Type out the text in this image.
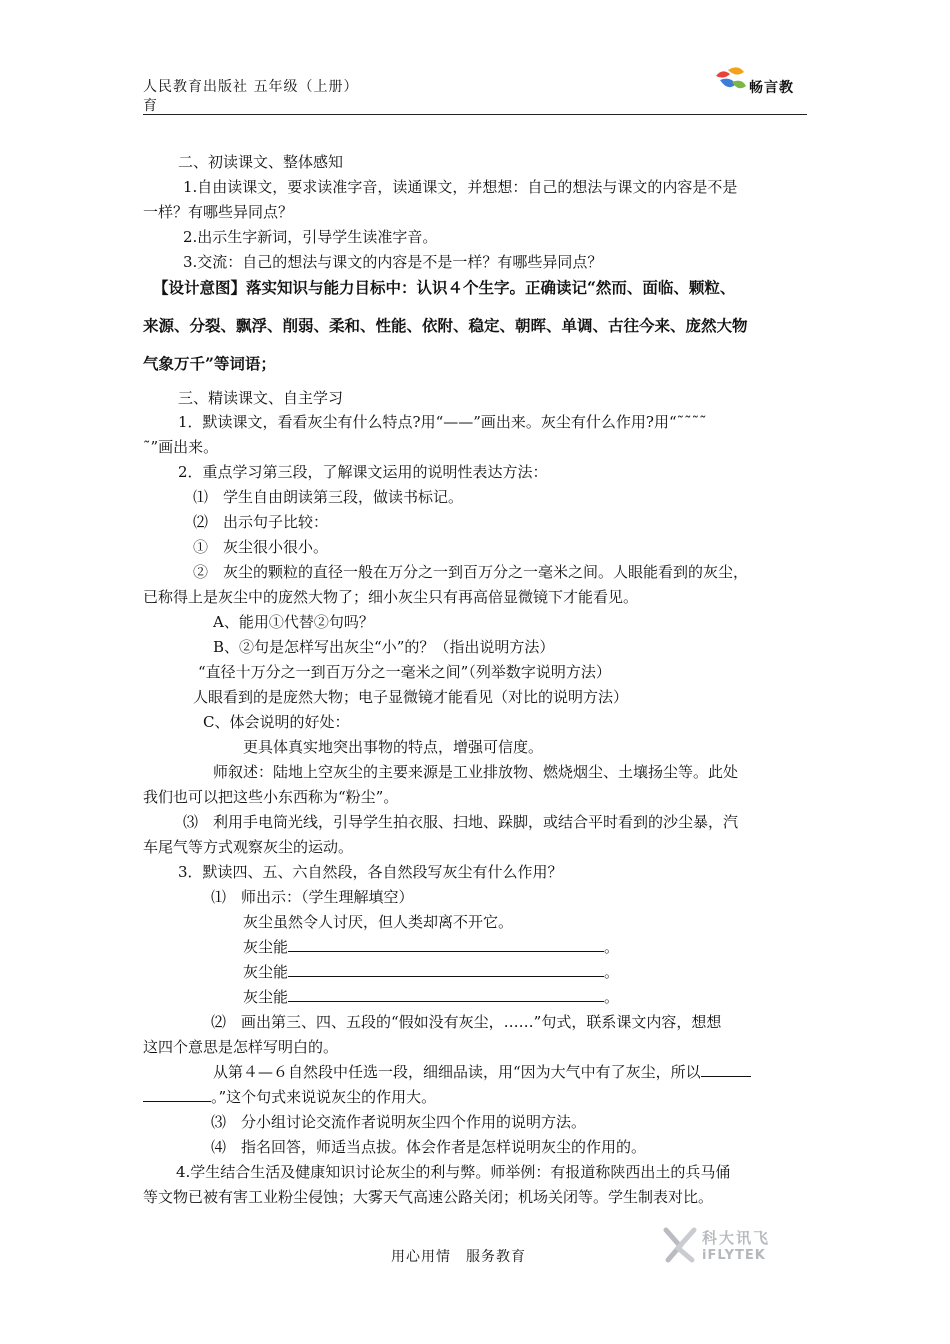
人民教育出版社 五年级（上册）
育
畅言教
二、初读课文、整体感知
1.自由读课文，要求读准字音，读通课文，并想想：自己的想法与课文的内容是不是
一样？有哪些异同点？
2.出示生字新词，引导学生读准字音。
3.交流：自己的想法与课文的内容是不是一样？有哪些异同点？
【设计意图】落实知识与能力目标中：认识４个生字。正确读记“然而、面临、颗粒、
来源、分裂、飘浮、削弱、柔和、性能、依附、稳定、朝晖、单调、古往今来、庞然大物
气象万千”等词语；
三、精读课文、自主学习
1．默读课文，看看灰尘有什么特点?用“——”画出来。灰尘有什么作用?用“˜˜˜˜
˜”画出来。
2．重点学习第三段，了解课文运用的说明性表达方法：
⑴　学生自由朗读第三段，做读书标记。
⑵　出示句子比较：
①　灰尘很小很小。
②　灰尘的颗粒的直径一般在万分之一到百万分之一毫米之间。人眼能看到的灰尘，
已称得上是灰尘中的庞然大物了；细小灰尘只有再高倍显微镜下才能看见。
A、能用①代替②句吗？
B、②句是怎样写出灰尘“小”的？（指出说明方法）
“直径十万分之一到百万分之一毫米之间”（列举数字说明方法）
人眼看到的是庞然大物；电子显微镜才能看见（对比的说明方法）
C、体会说明的好处：
更具体真实地突出事物的特点，增强可信度。
师叙述：陆地上空灰尘的主要来源是工业排放物、燃烧烟尘、土壤扬尘等。此处
我们也可以把这些小东西称为“粉尘”。
⑶　利用手电筒光线，引导学生拍衣服、扫地、跺脚，或结合平时看到的沙尘暴，汽
车尾气等方式观察灰尘的运动。
3．默读四、五、六自然段，各自然段写灰尘有什么作用？
⑴　师出示：（学生理解填空）
灰尘虽然令人讨厌，但人类却离不开它。
灰尘能	。
灰尘能	。
灰尘能	。
⑵　画出第三、四、五段的“假如没有灰尘，……”句式，联系课文内容，想想
这四个意思是怎样写明白的。
从第４—６自然段中任选一段，细细品读，用“因为大气中有了灰尘，所以
。”这个句式来说说灰尘的作用大。
⑶　分小组讨论交流作者说明灰尘四个作用的说明方法。
⑷　指名回答，师适当点拔。体会作者是怎样说明灰尘的作用的。
4.学生结合生活及健康知识讨论灰尘的利与弊。师举例：有报道称陕西出土的兵马俑
等文物已被有害工业粉尘侵蚀；大雾天气高速公路关闭；机场关闭等。学生制表对比。
用心用情　服务教育
科大讯飞
iFLYTEK
